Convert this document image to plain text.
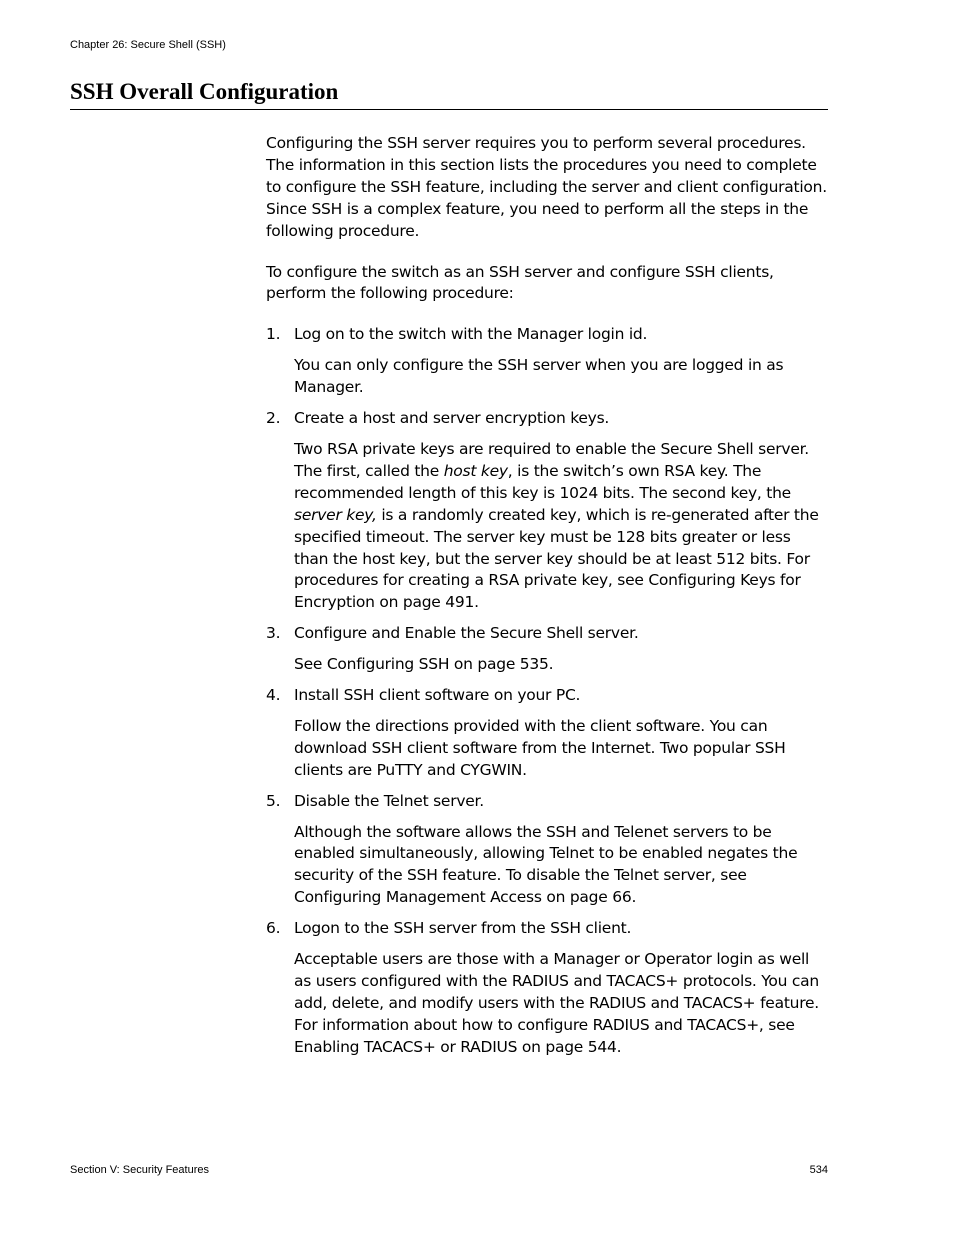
Chapter 26: Secure Shell (SSH)
SSH Overall Configuration

Configuring the SSH server requires you to perform several procedures. The information in this section lists the procedures you need to complete to configure the SSH feature, including the server and client configuration. Since SSH is a complex feature, you need to perform all the steps in the following procedure.

To configure the switch as an SSH server and configure SSH clients, perform the following procedure:

1. Log on to the switch with the Manager login id.

You can only configure the SSH server when you are logged in as Manager.

2. Create a host and server encryption keys.

Two RSA private keys are required to enable the Secure Shell server. The first, called the host key, is the switch’s own RSA key. The recommended length of this key is 1024 bits. The second key, the server key, is a randomly created key, which is re-generated after the specified timeout. The server key must be 128 bits greater or less than the host key, but the server key should be at least 512 bits. For procedures for creating a RSA private key, see Configuring Keys for Encryption on page 491.

3. Configure and Enable the Secure Shell server.

See Configuring SSH on page 535.

4. Install SSH client software on your PC.

Follow the directions provided with the client software. You can download SSH client software from the Internet. Two popular SSH clients are PuTTY and CYGWIN.

5. Disable the Telnet server.

Although the software allows the SSH and Telenet servers to be enabled simultaneously, allowing Telnet to be enabled negates the security of the SSH feature. To disable the Telnet server, see Configuring Management Access on page 66.

6. Logon to the SSH server from the SSH client.

Acceptable users are those with a Manager or Operator login as well as users configured with the RADIUS and TACACS+ protocols. You can add, delete, and modify users with the RADIUS and TACACS+ feature. For information about how to configure RADIUS and TACACS+, see Enabling TACACS+ or RADIUS on page 544.

Section V: Security Features	534
